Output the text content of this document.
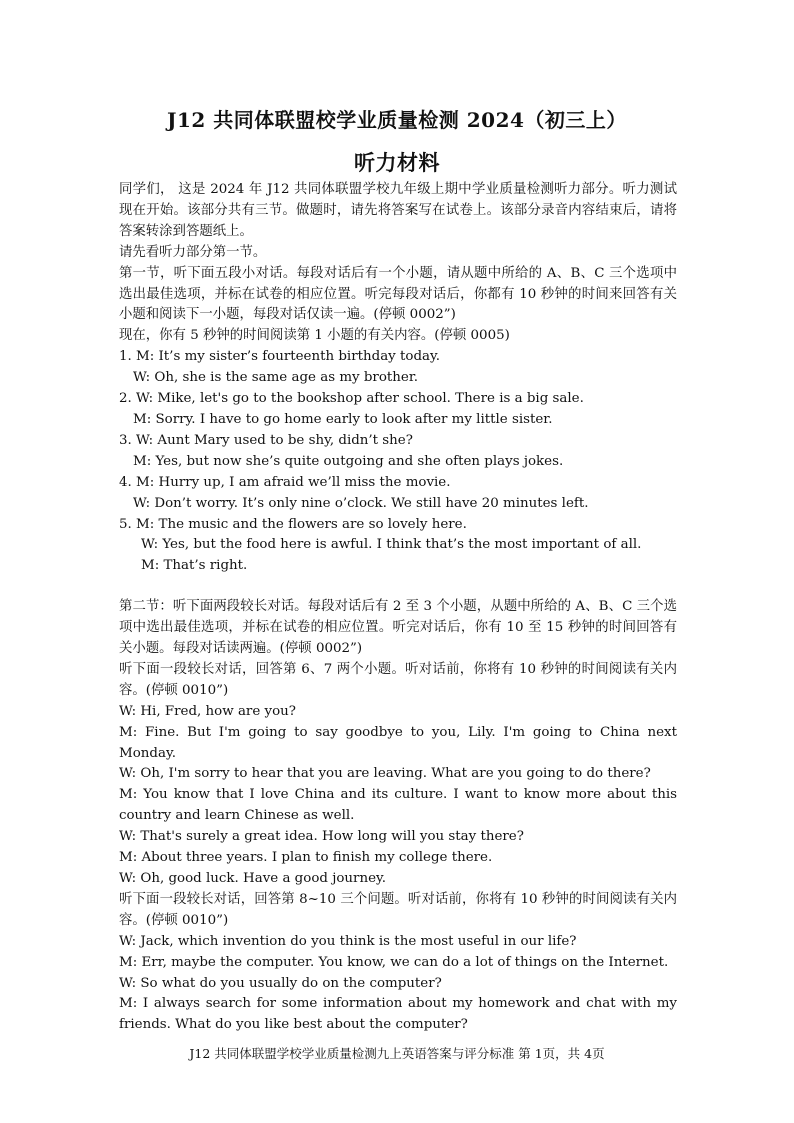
J12 共同体联盟校学业质量检测 2024（初三上）
听力材料

同学们， 这是 2024 年 J12 共同体联盟学校九年级上期中学业质量检测听力部分。听力测试现在开始。该部分共有三节。做题时，请先将答案写在试卷上。该部分录音内容结束后，请将答案转涂到答题纸上。

请先看听力部分第一节。

第一节，听下面五段小对话。每段对话后有一个小题，请从题中所给的 A、B、C 三个选项中选出最佳选项，并标在试卷的相应位置。听完每段对话后，你都有 10 秒钟的时间来回答有关小题和阅读下一小题，每段对话仅读一遍。(停顿 0002”)

现在，你有 5 秒钟的时间阅读第 1 小题的有关内容。(停顿 0005)

1. M: It’s my sister’s fourteenth birthday today.

W: Oh, she is the same age as my brother.

2. W: Mike, let's go to the bookshop after school. There is a big sale.

M: Sorry. I have to go home early to look after my little sister.

3. W: Aunt Mary used to be shy, didn’t she?

M: Yes, but now she’s quite outgoing and she often plays jokes.

4. M: Hurry up, I am afraid we’ll miss the movie.

W: Don’t worry. It’s only nine o’clock. We still have 20 minutes left.

5. M: The music and the flowers are so lovely here.

W: Yes, but the food here is awful. I think that’s the most important of all.

M: That’s right.

第二节：听下面两段较长对话。每段对话后有 2 至 3 个小题，从题中所给的 A、B、C 三个选项中选出最佳选项，并标在试卷的相应位置。听完对话后，你有 10 至 15 秒钟的时间回答有关小题。每段对话读两遍。(停顿 0002”)

听下面一段较长对话，回答第 6、7 两个小题。听对话前，你将有 10 秒钟的时间阅读有关内容。(停顿 0010”)

W: Hi, Fred, how are you?

M: Fine. But I'm going to say goodbye to you, Lily. I'm going to China next Monday.

W: Oh, I'm sorry to hear that you are leaving. What are you going to do there?

M: You know that I love China and its culture. I want to know more about this country and learn Chinese as well.

W: That's surely a great idea. How long will you stay there?

M: About three years. I plan to finish my college there.

W: Oh, good luck. Have a good journey.

听下面一段较长对话，回答第 8~10 三个问题。听对话前，你将有 10 秒钟的时间阅读有关内容。(停顿 0010”)

W: Jack, which invention do you think is the most useful in our life?

M: Err, maybe the computer. You know, we can do a lot of things on the Internet.

W: So what do you usually do on the computer?

M: I always search for some information about my homework and chat with my friends. What do you like best about the computer?

J12 共同体联盟学校学业质量检测九上英语答案与评分标准 第 1页，共 4页
